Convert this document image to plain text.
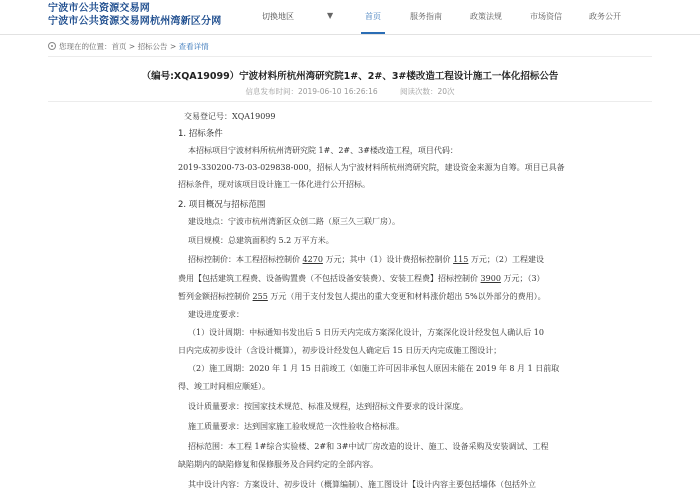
宁波市公共资源交易网
宁波市公共资源交易网杭州湾新区分网	切换地区	▼	首页	服务指南	政策法规	市场资信	政务公开
您现在的位置：首页 > 招标公告 > 查看详情
（编号:XQA19099）宁波材料所杭州湾研究院1#、2#、3#楼改造工程设计施工一体化招标公告
信息发布时间：2019-06-10 16:26:16	阅读次数：20次
交易登记号：XQA19099
1. 招标条件
本招标项目宁波材料所杭州湾研究院 1#、2#、3#楼改造工程，项目代码：
2019-330200-73-03-029838-000，招标人为宁波材料所杭州湾研究院，建设资金来源为自筹。项目已具备
招标条件，现对该项目设计施工一体化进行公开招标。
2. 项目概况与招标范围
建设地点：宁波市杭州湾新区众创二路（原三久三联厂房）。
项目规模：总建筑面积约 5.2 万平方米。
招标控制价：本工程招标控制价 4270 万元；其中（1）设计费招标控制价 115 万元；（2）工程建设
费用【包括建筑工程费、设备购置费（不包括设备安装费）、安装工程费】招标控制价 3900 万元；（3）
暂列金额招标控制价 255 万元（用于支付发包人提出的重大变更和材料涨价超出 5%以外部分的费用）。
建设进度要求：
（1）设计周期：中标通知书发出后 5 日历天内完成方案深化设计，方案深化设计经发包人确认后 10
日内完成初步设计（含设计概算），初步设计经发包人确定后 15 日历天内完成施工图设计；
（2）施工周期：2020 年 1 月 15 日前竣工（如施工许可因非承包人原因未能在 2019 年 8 月 1 日前取
得、竣工时间相应顺延）。
设计质量要求：按国家技术规范、标准及规程，达到招标文件要求的设计深度。
施工质量要求：达到国家施工验收规范一次性验收合格标准。
招标范围：本工程 1#综合实验楼、2#和 3#中试厂房改造的设计、施工、设备采购及安装调试、工程
缺陷期内的缺陷修复和保修服务及合同约定的全部内容。
其中设计内容：方案设计、初步设计（概算编制）、施工图设计【设计内容主要包括墙体（包括外立
